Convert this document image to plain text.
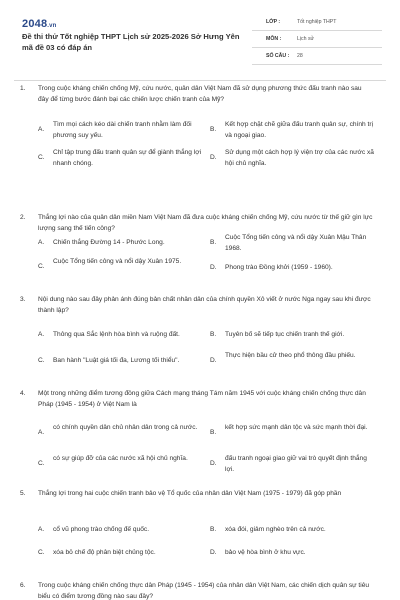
2048.vn
Đề thi thử Tốt nghiệp THPT Lịch sử 2025-2026 Sở Hưng Yên mã đề 03 có đáp án
LỚP :	Tốt nghiệp THPT
MÔN :	Lịch sử
SỐ CÂU : 28
1. Trong cuộc kháng chiến chống Mỹ, cứu nước, quân dân Việt Nam đã sử dụng phương thức đấu tranh nào sau đây để từng bước đánh bại các chiến lược chiến tranh của Mỹ?
A.
Tìm mọi cách kéo dài chiến tranh nhằm làm đối phương suy yếu.
B.
Kết hợp chặt chẽ giữa đấu tranh quân sự, chính trị và ngoại giao.
C.
Chỉ tập trung đấu tranh quân sự để giành thắng lợi nhanh chóng.
D.
Sử dụng một cách hợp lý viện trợ của các nước xã hội chủ nghĩa.
2. Thắng lợi nào của quân dân miền Nam Việt Nam đã đưa cuộc kháng chiến chống Mỹ, cứu nước từ thế giữ gìn lực lượng sang thế tiến công?
A. Chiến thắng Đường 14 - Phước Long.	B.
Cuộc Tổng tiến công và nổi dậy Xuân Mậu Thân 1968.
C.
Cuộc Tổng tiến công và nổi dậy Xuân 1975.
D. Phong trào Đồng khởi (1959 - 1960).
3. Nội dung nào sau đây phản ánh đúng bản chất nhân dân của chính quyền Xô viết ở nước Nga ngay sau khi được thành lập?
A. Thông qua Sắc lệnh hòa bình và ruộng đất.	B. Tuyên bố sẽ tiếp tục chiến tranh thế giới.
C. Ban hành "Luật giá tối đa, Lương tối thiểu".	D.
Thực hiện bầu cử theo phổ thông đầu phiếu.
4. Một trong những điểm tương đồng giữa Cách mạng tháng Tám năm 1945 với cuộc kháng chiến chống thực dân Pháp (1945 - 1954) ở Việt Nam là
A.
có chính quyền dân chủ nhân dân trong cả nước.
B.
kết hợp sức mạnh dân tộc và sức mạnh thời đại.
C.
có sự giúp đỡ của các nước xã hội chủ nghĩa.
D.
đấu tranh ngoại giao giữ vai trò quyết định thắng lợi.
5. Thắng lợi trong hai cuộc chiến tranh bảo vệ Tổ quốc của nhân dân Việt Nam (1975 - 1979) đã góp phần
A. cổ vũ phong trào chống đế quốc.	B. xóa đói, giảm nghèo trên cả nước.
C. xóa bỏ chế độ phân biệt chủng tộc.	D. bảo vệ hòa bình ở khu vực.
6. Trong cuộc kháng chiến chống thực dân Pháp (1945 - 1954) của nhân dân Việt Nam, các chiến dịch quân sự tiêu biểu có điểm tương đồng nào sau đây?
